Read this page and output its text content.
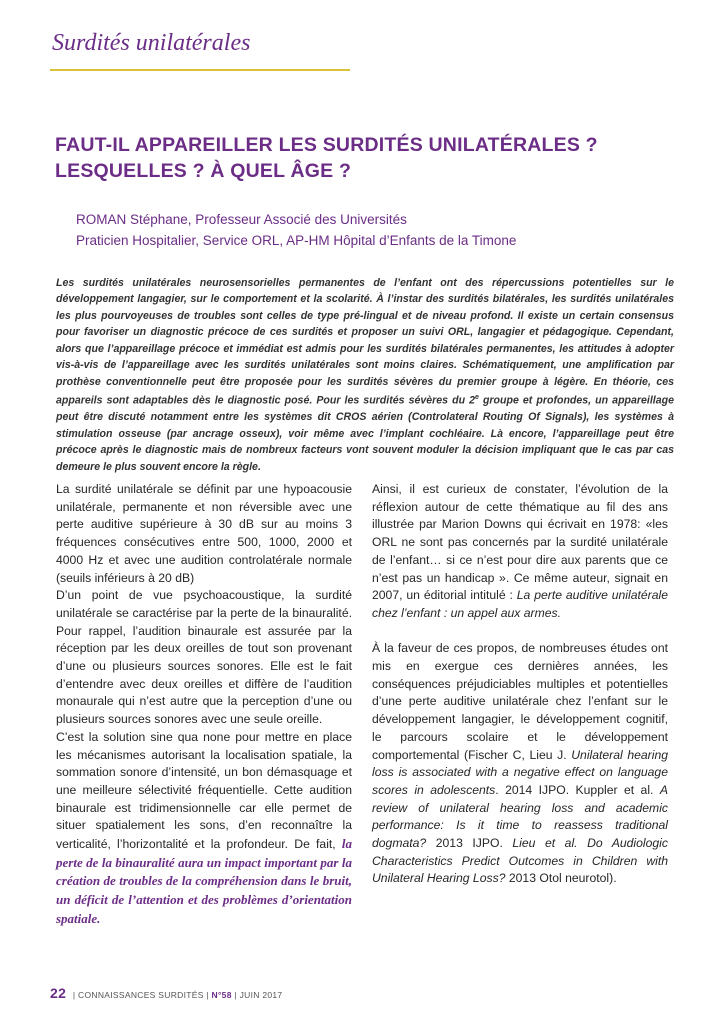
Surdités unilatérales
FAUT-IL APPAREILLER LES SURDITÉS UNILATÉRALES ?
LESQUELLES ? À QUEL ÂGE ?
ROMAN Stéphane, Professeur Associé des Universités
Praticien Hospitalier, Service ORL, AP-HM Hôpital d’Enfants de la Timone

Les surdités unilatérales neurosensorielles permanentes de l’enfant ont des répercussions potentielles sur le développement langagier, sur le comportement et la scolarité. À l’instar des surdités bilatérales, les surdités unilatérales les plus pourvoyeuses de troubles sont celles de type pré-lingual et de niveau profond. Il existe un certain consensus pour favoriser un diagnostic précoce de ces surdités et proposer un suivi ORL, langagier et pédagogique. Cependant, alors que l’appareillage précoce et immédiat est admis pour les surdités bilatérales permanentes, les attitudes à adopter vis-à-vis de l’appareillage avec les surdités unilatérales sont moins claires. Schématiquement, une amplification par prothèse conventionnelle peut être proposée pour les surdités sévères du premier groupe à légère. En théorie, ces appareils sont adaptables dès le diagnostic posé. Pour les surdités sévères du 2e groupe et profondes, un appareillage peut être discuté notamment entre les systèmes dit CROS aérien (Controlateral Routing Of Signals), les systèmes à stimulation osseuse (par ancrage osseux), voir même avec l’implant cochléaire. Là encore, l’appareillage peut être précoce après le diagnostic mais de nombreux facteurs vont souvent moduler la décision impliquant que le cas par cas demeure le plus souvent encore la règle.

La surdité unilatérale se définit par une hypoacousie unilatérale, permanente et non réversible avec une perte auditive supérieure à 30 dB sur au moins 3 fréquences consécutives entre 500, 1000, 2000 et 4000 Hz et avec une audition controlatérale normale (seuils inférieurs à 20 dB)

D’un point de vue psychoacoustique, la surdité unilatérale se caractérise par la perte de la binauralité. Pour rappel, l’audition binaurale est assurée par la réception par les deux oreilles de tout son provenant d’une ou plusieurs sources sonores. Elle est le fait d’entendre avec deux oreilles et diffère de l’audition monaurale qui n’est autre que la perception d’une ou plusieurs sources sonores avec une seule oreille.

C’est la solution sine qua none pour mettre en place les mécanismes autorisant la localisation spatiale, la sommation sonore d’intensité, un bon démasquage et une meilleure sélectivité fréquentielle. Cette audition binaurale est tridimensionnelle car elle permet de situer spatialement les sons, d’en reconnaître la verticalité, l’horizontalité et la profondeur. De fait, la perte de la binauralité aura un impact important par la création de troubles de la compréhension dans le bruit, un déficit de l’attention et des problèmes d’orientation spatiale.

Ainsi, il est curieux de constater, l’évolution de la réflexion autour de cette thématique au fil des ans illustrée par Marion Downs qui écrivait en 1978: «les ORL ne sont pas concernés par la surdité unilatérale de l’enfant… si ce n’est pour dire aux parents que ce n’est pas un handicap ». Ce même auteur, signait en 2007, un éditorial intitulé : La perte auditive unilatérale chez l’enfant : un appel aux armes.

À la faveur de ces propos, de nombreuses études ont mis en exergue ces dernières années, les conséquences préjudiciables multiples et potentielles d’une perte auditive unilatérale chez l’enfant sur le développement langagier, le développement cognitif, le parcours scolaire et le développement comportemental (Fischer C, Lieu J. Unilateral hearing loss is associated with a negative effect on language scores in adolescents. 2014 IJPO. Kuppler et al. A review of unilateral hearing loss and academic performance: Is it time to reassess traditional dogmata? 2013 IJPO. Lieu et al. Do Audiologic Characteristics Predict Outcomes in Children with Unilateral Hearing Loss? 2013 Otol neurotol).

22 | CONNAISSANCES SURDITÉS | N°58 | JUIN 2017
